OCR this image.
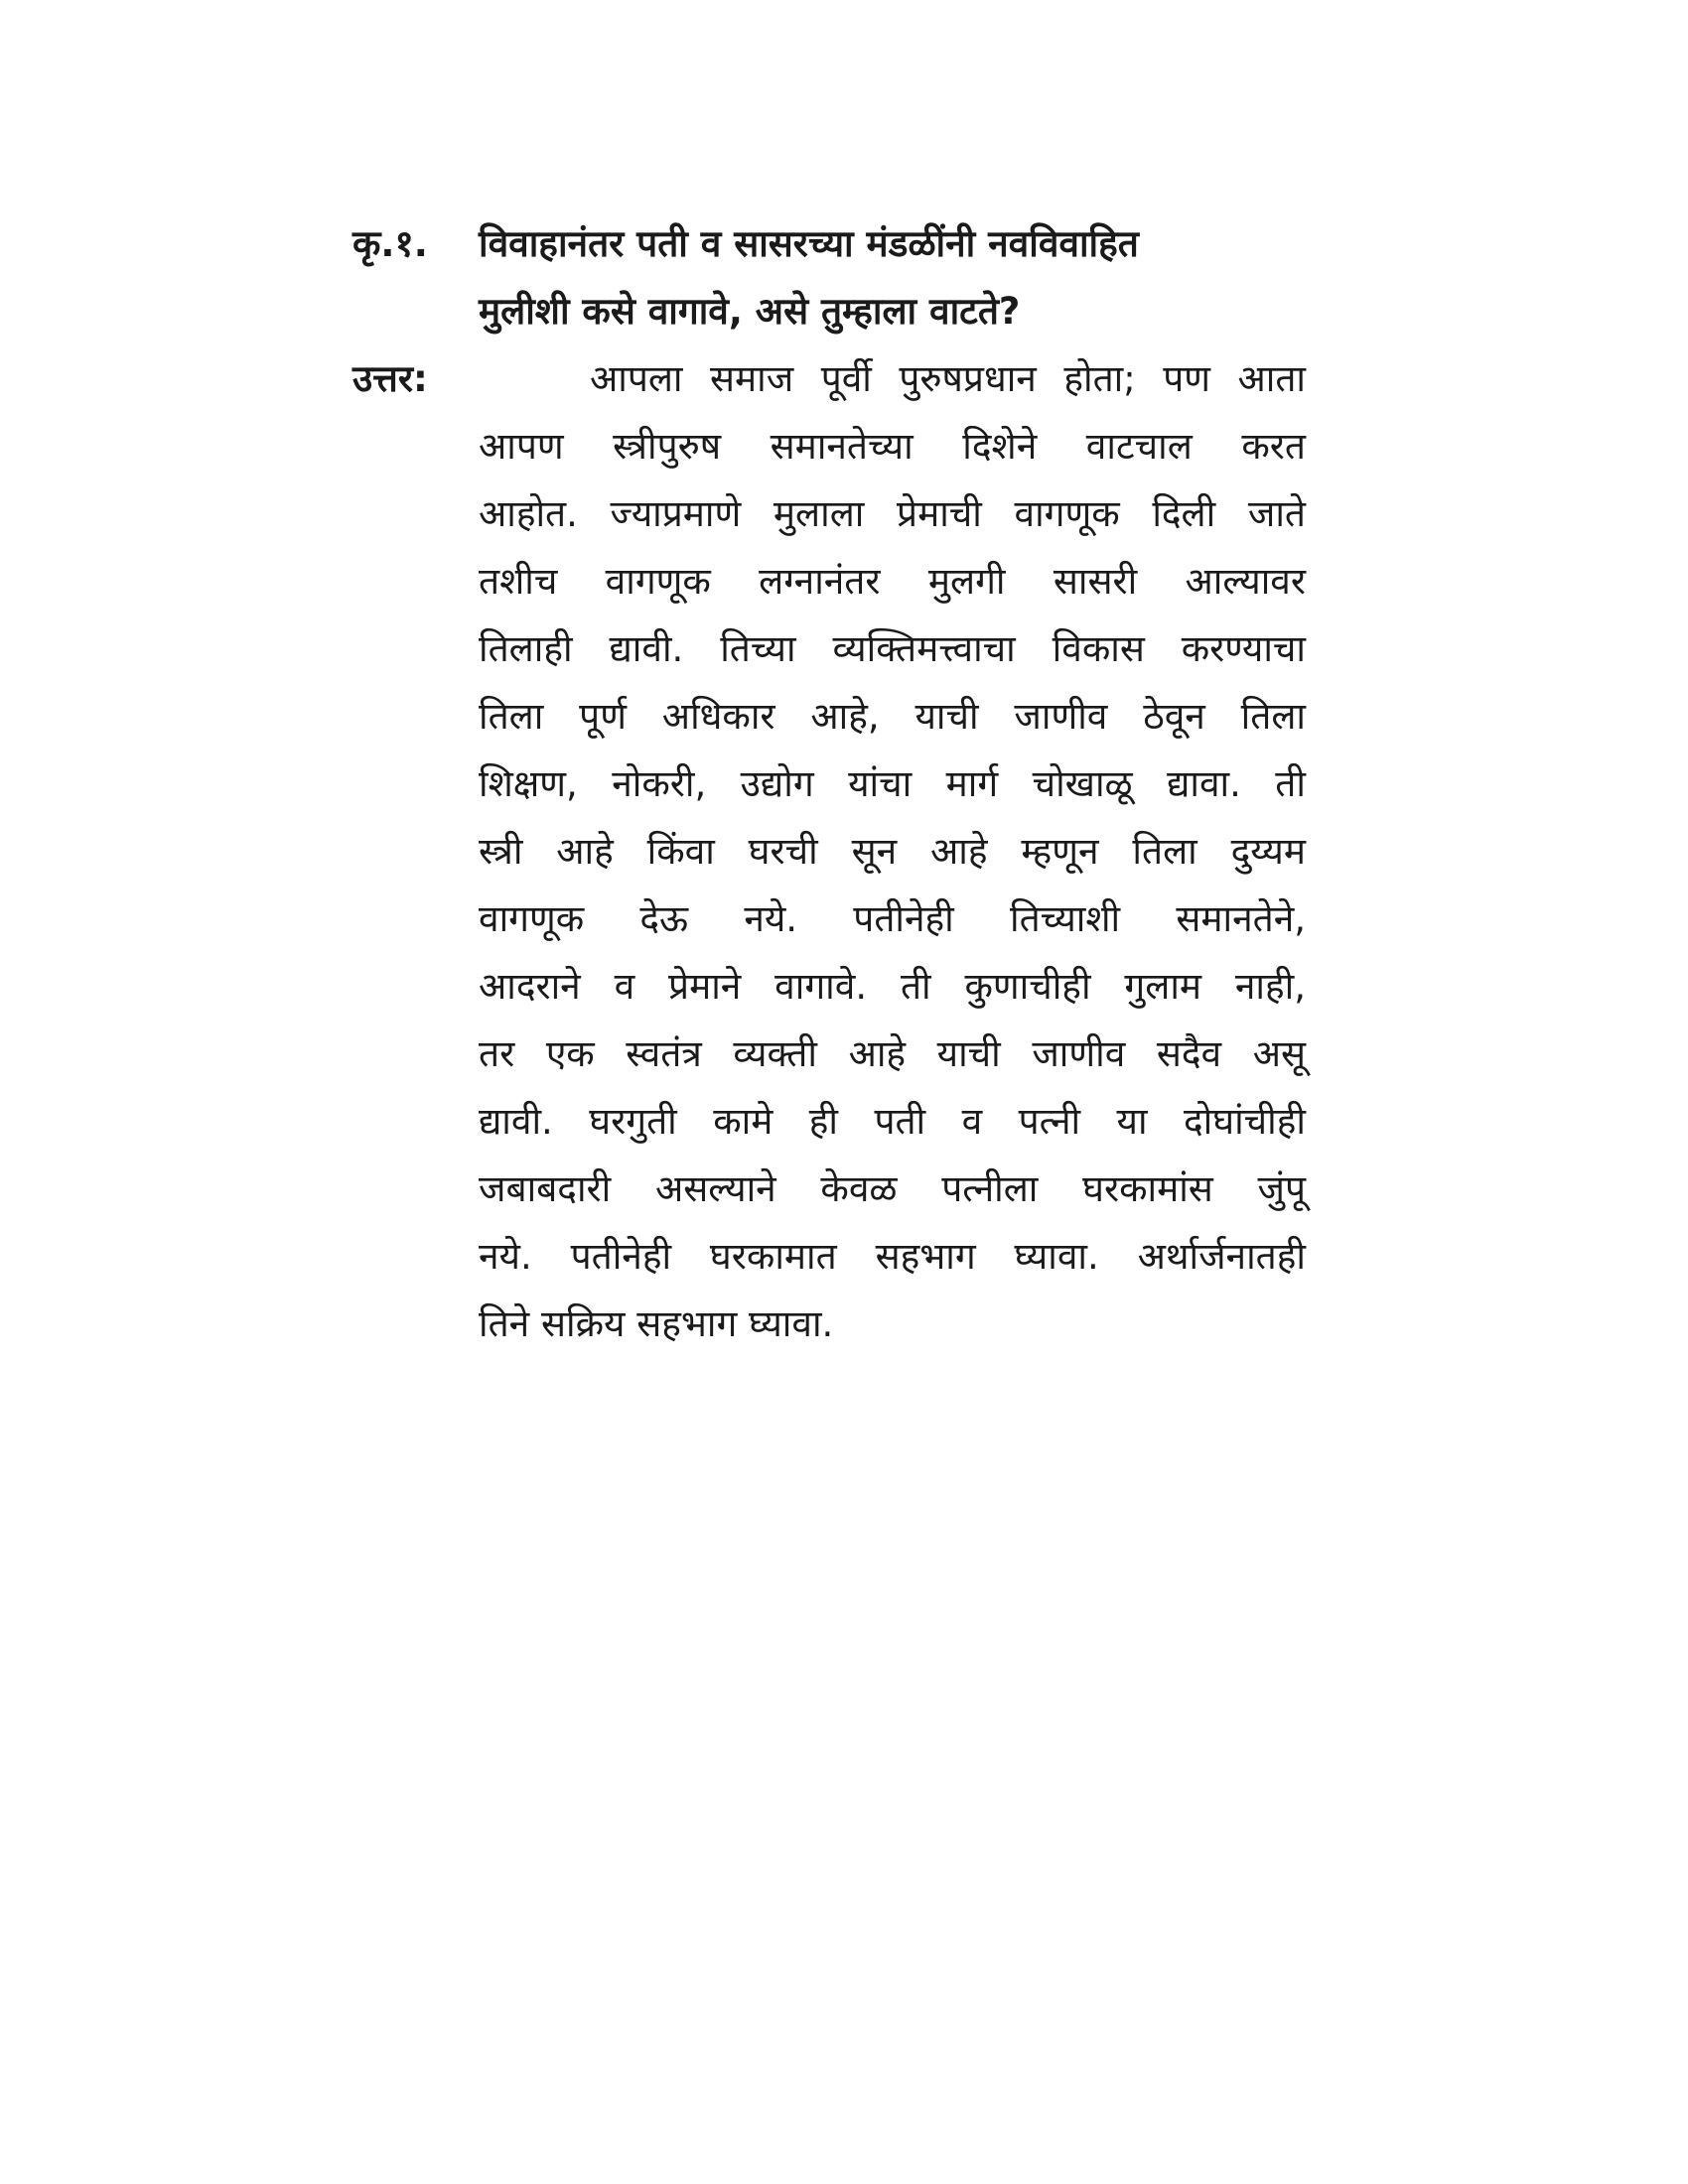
कृ.१.	विवाहानंतर पती व सासरच्या मंडळींनी नवविवाहित
मुलीशी कसे वागावे, असे तुम्हाला वाटते?
उत्तर:	आपला समाज पूर्वी पुरुषप्रधान होता; पण आता
आपण स्त्रीपुरुष समानतेच्या दिशेने वाटचाल करत
आहोत. ज्याप्रमाणे मुलाला प्रेमाची वागणूक दिली जाते
तशीच वागणूक लग्नानंतर मुलगी सासरी आल्यावर
तिलाही द्यावी. तिच्या व्यक्तिमत्त्वाचा विकास करण्याचा
तिला पूर्ण अधिकार आहे, याची जाणीव ठेवून तिला
शिक्षण, नोकरी, उद्योग यांचा मार्ग चोखाळू द्यावा. ती
स्त्री आहे किंवा घरची सून आहे म्हणून तिला दुय्यम
वागणूक देऊ नये. पतीनेही तिच्याशी समानतेने,
आदराने व प्रेमाने वागावे. ती कुणाचीही गुलाम नाही,
तर एक स्वतंत्र व्यक्ती आहे याची जाणीव सदैव असू
द्यावी. घरगुती कामे ही पती व पत्नी या दोघांचीही
जबाबदारी असल्याने केवळ पत्नीला घरकामांस जुंपू
नये. पतीनेही घरकामात सहभाग घ्यावा. अर्थार्जनातही
तिने सक्रिय सहभाग घ्यावा.
